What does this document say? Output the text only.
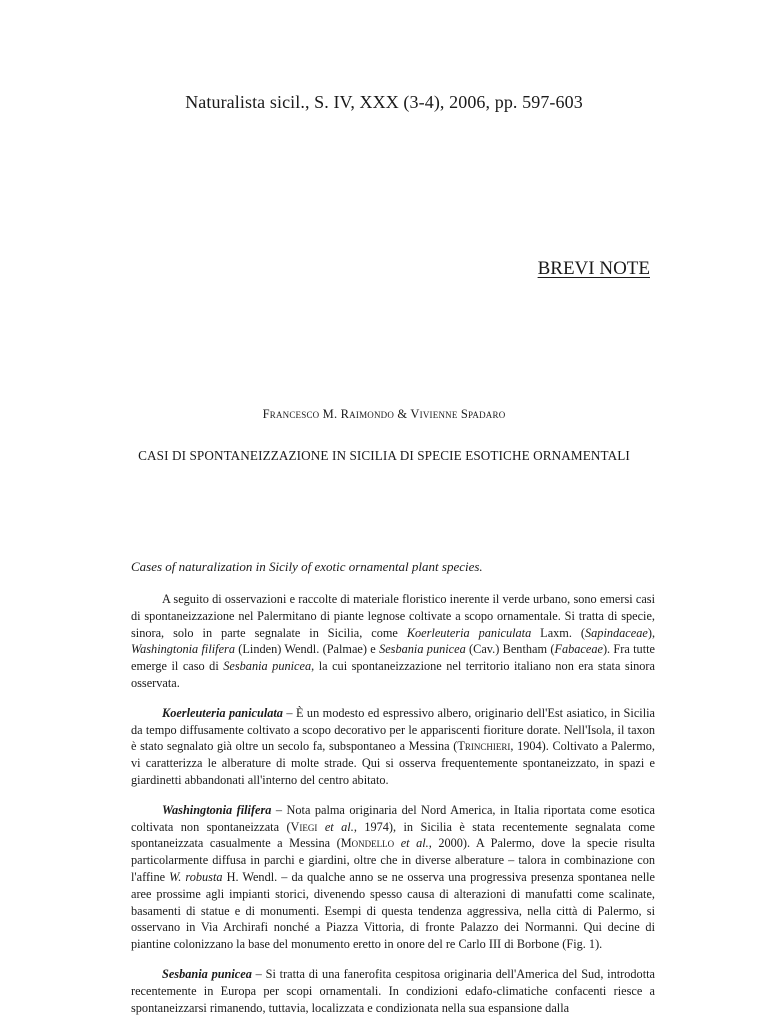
Naturalista sicil., S. IV, XXX (3-4), 2006, pp. 597-603
BREVI NOTE
Francesco M. Raimondo & Vivienne Spadaro
CASI DI SPONTANEIZZAZIONE IN SICILIA DI SPECIE ESOTICHE ORNAMENTALI
Cases of naturalization in Sicily of exotic ornamental plant species.

A seguito di osservazioni e raccolte di materiale floristico inerente il verde urbano, sono emersi casi di spontaneizzazione nel Palermitano di piante legnose coltivate a scopo ornamentale. Si tratta di specie, sinora, solo in parte segnalate in Sicilia, come Koerleuteria paniculata Laxm. (Sapindaceae), Washingtonia filifera (Linden) Wendl. (Palmae) e Sesbania punicea (Cav.) Bentham (Fabaceae). Fra tutte emerge il caso di Sesbania punicea, la cui spontaneizzazione nel territorio italiano non era stata sinora osservata.

Koerleuteria paniculata – È un modesto ed espressivo albero, originario dell'Est asiatico, in Sicilia da tempo diffusamente coltivato a scopo decorativo per le appariscenti fioriture dorate. Nell'Isola, il taxon è stato segnalato già oltre un secolo fa, subspontaneo a Messina (Trinchieri, 1904). Coltivato a Palermo, vi caratterizza le alberature di molte strade. Qui si osserva frequentemente spontaneizzato, in spazi e giardinetti abbandonati all'interno del centro abitato.

Washingtonia filifera – Nota palma originaria del Nord America, in Italia riportata come esotica coltivata non spontaneizzata (Viegi et al., 1974), in Sicilia è stata recentemente segnalata come spontaneizzata casualmente a Messina (Mondello et al., 2000). A Palermo, dove la specie risulta particolarmente diffusa in parchi e giardini, oltre che in diverse alberature – talora in combinazione con l'affine W. robusta H. Wendl. – da qualche anno se ne osserva una progressiva presenza spontanea nelle aree prossime agli impianti storici, divenendo spesso causa di alterazioni di manufatti come scalinate, basamenti di statue e di monumenti. Esempi di questa tendenza aggressiva, nella città di Palermo, si osservano in Via Archirafi nonché a Piazza Vittoria, di fronte Palazzo dei Normanni. Qui decine di piantine colonizzano la base del monumento eretto in onore del re Carlo III di Borbone (Fig. 1).

Sesbania punicea – Si tratta di una fanerofita cespitosa originaria dell'America del Sud, introdotta recentemente in Europa per scopi ornamentali. In condizioni edafo-climatiche confacenti riesce a spontaneizzarsi rimanendo, tuttavia, localizzata e condizionata nella sua espansione dalla
